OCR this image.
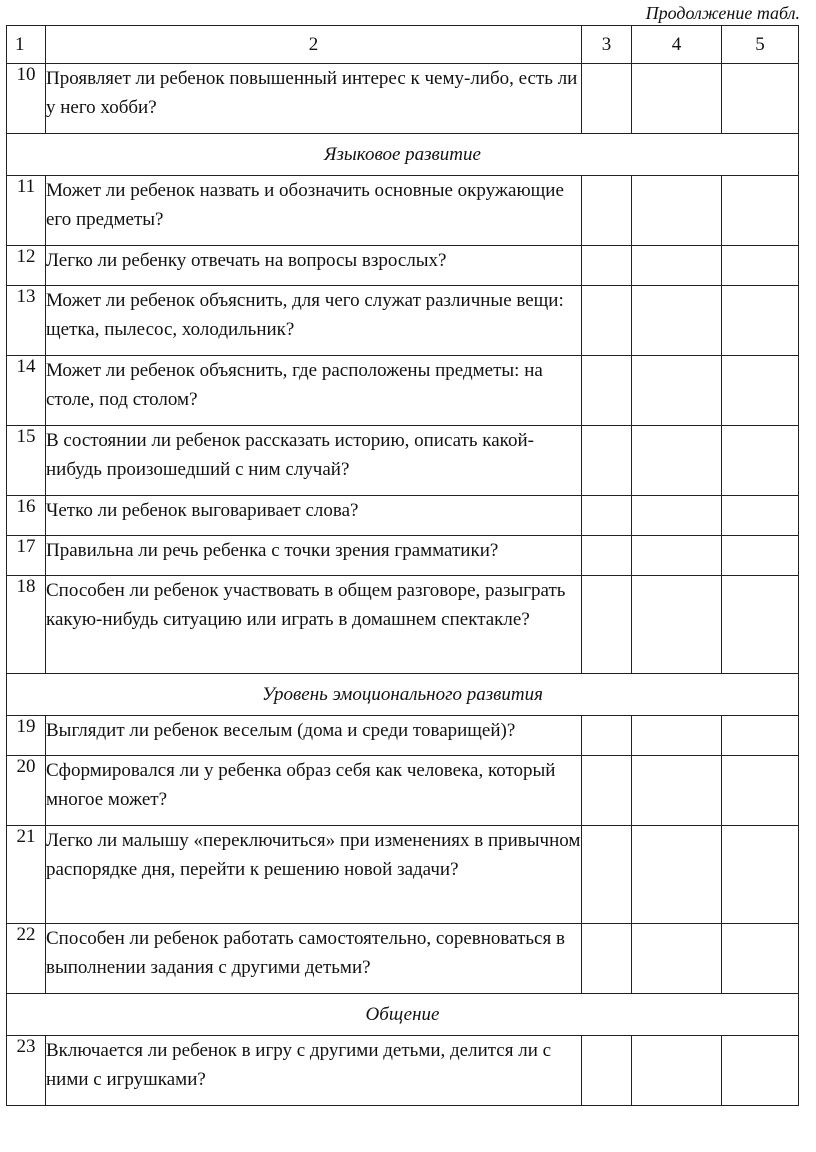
Продолжение табл.
1	2	3	4	5
10	Проявляет ли ребенок повышенный интерес к чему-либо, есть ли у него хобби?			
Языковое развитие				
11	Может ли ребенок назвать и обозначить основные окружающие его предметы?			
12	Легко ли ребенку отвечать на вопросы взрослых?			
13	Может ли ребенок объяснить, для чего служат различные вещи: щетка, пылесос, холодильник?			
14	Может ли ребенок объяснить, где расположены предметы: на столе, под столом?			
15	В состоянии ли ребенок рассказать историю, описать какой-нибудь произошедший с ним случай?			
16	Четко ли ребенок выговаривает слова?			
17	Правильна ли речь ребенка с точки зрения грамматики?			
18	Способен ли ребенок участвовать в общем разговоре, разыграть какую-нибудь ситуацию или играть в домашнем спектакле?			
Уровень эмоционального развития				
19	Выглядит ли ребенок веселым (дома и среди товарищей)?			
20	Сформировался ли у ребенка образ себя как человека, который многое может?			
21	Легко ли малышу «переключиться» при изменениях в привычном распорядке дня, перейти к решению новой задачи?			
22	Способен ли ребенок работать самостоятельно, соревноваться в выполнении задания с другими детьми?			
Общение				
23	Включается ли ребенок в игру с другими детьми, делится ли с ними с игрушками?			
